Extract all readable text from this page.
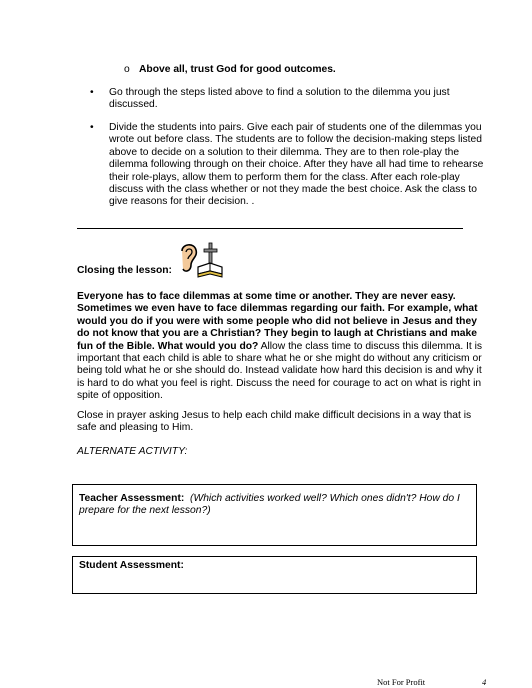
o Above all, trust God for good outcomes.
• Go through the steps listed above to find a solution to the dilemma you just discussed.
• Divide the students into pairs. Give each pair of students one of the dilemmas you wrote out before class. The students are to follow the decision-making steps listed above to decide on a solution to their dilemma. They are to then role-play the dilemma following through on their choice. After they have all had time to rehearse their role-plays, allow them to perform them for the class. After each role-play discuss with the class whether or not they made the best choice. Ask the class to give reasons for their decision. .
Closing the lesson:
Everyone has to face dilemmas at some time or another. They are never easy. Sometimes we even have to face dilemmas regarding our faith. For example, what would you do if you were with some people who did not believe in Jesus and they do not know that you are a Christian? They begin to laugh at Christians and make fun of the Bible. What would you do? Allow the class time to discuss this dilemma. It is important that each child is able to share what he or she might do without any criticism or being told what he or she should do. Instead validate how hard this decision is and why it is hard to do what you feel is right. Discuss the need for courage to act on what is right in spite of opposition.
Close in prayer asking Jesus to help each child make difficult decisions in a way that is safe and pleasing to Him.
ALTERNATE ACTIVITY:
Teacher Assessment: (Which activities worked well? Which ones didn't? How do I prepare for the next lesson?)
Student Assessment:
Not For Profit	4
